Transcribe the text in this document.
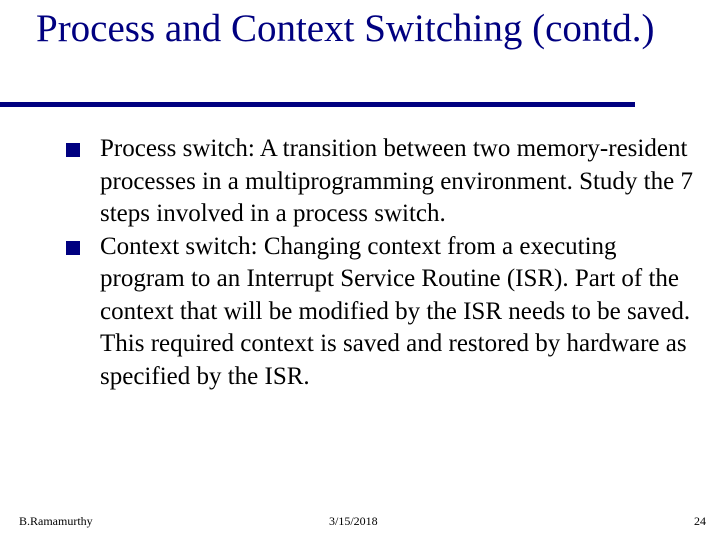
Process and Context Switching (contd.)
Process switch: A transition between two memory-resident processes in a multiprogramming environment. Study the 7 steps involved in a process switch.
Context switch: Changing context from a executing program to an Interrupt Service Routine (ISR). Part of the context that will be modified by the ISR needs to be saved. This required context is saved and restored by hardware as specified by the ISR.
B.Ramamurthy	3/15/2018	24
